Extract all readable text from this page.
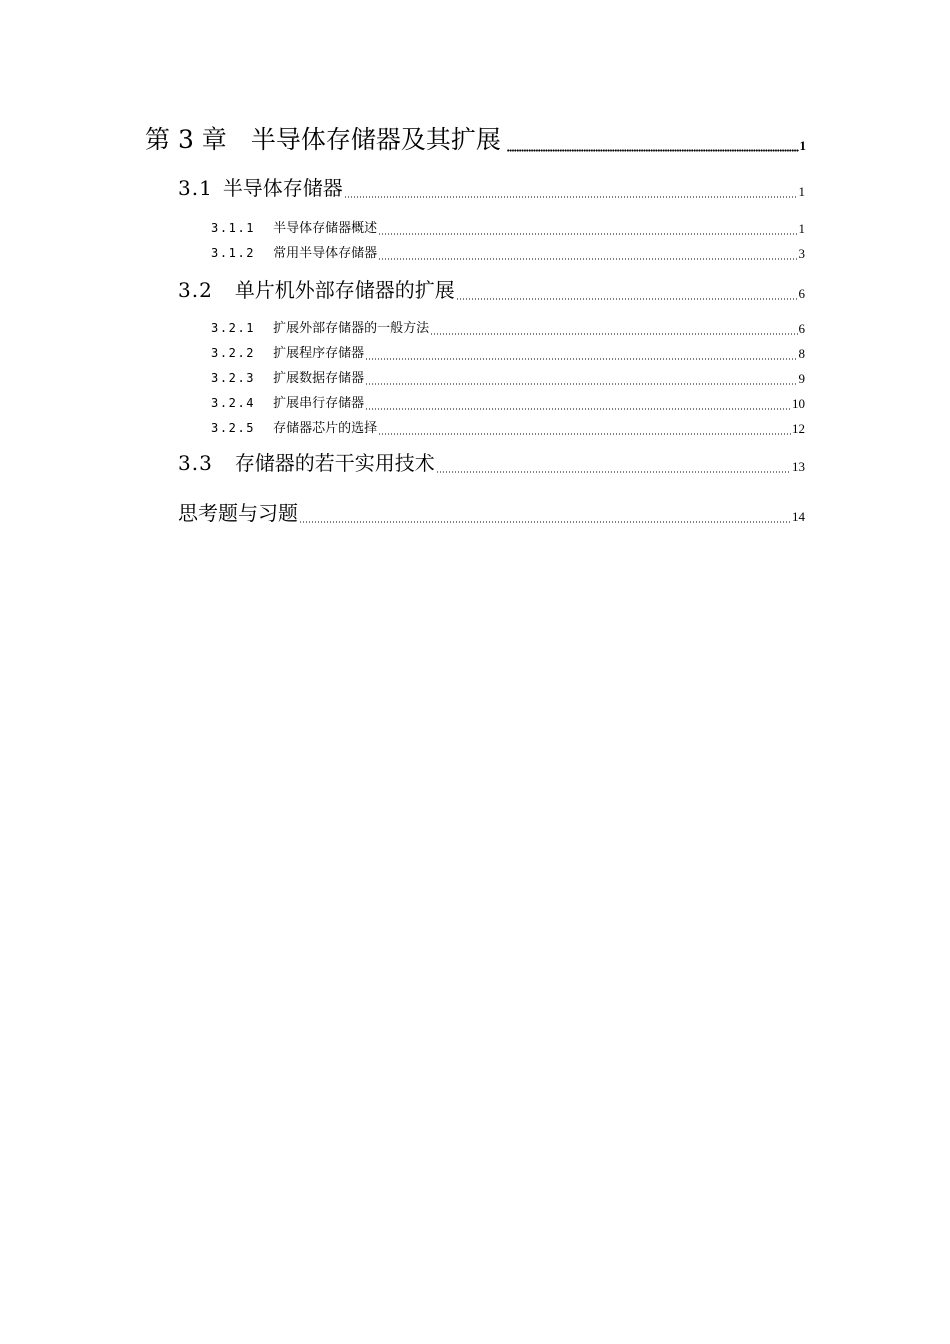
第 3 章 半导体存储器及其扩展	1
3.1 半导体存储器	1
3.1.1 半导体存储器概述	1
3.1.2 常用半导体存储器	3
3.2 单片机外部存储器的扩展	6
3.2.1 扩展外部存储器的一般方法	6
3.2.2 扩展程序存储器	8
3.2.3 扩展数据存储器	9
3.2.4 扩展串行存储器	10
3.2.5 存储器芯片的选择	12
3.3 存储器的若干实用技术	13
思考题与习题	14
